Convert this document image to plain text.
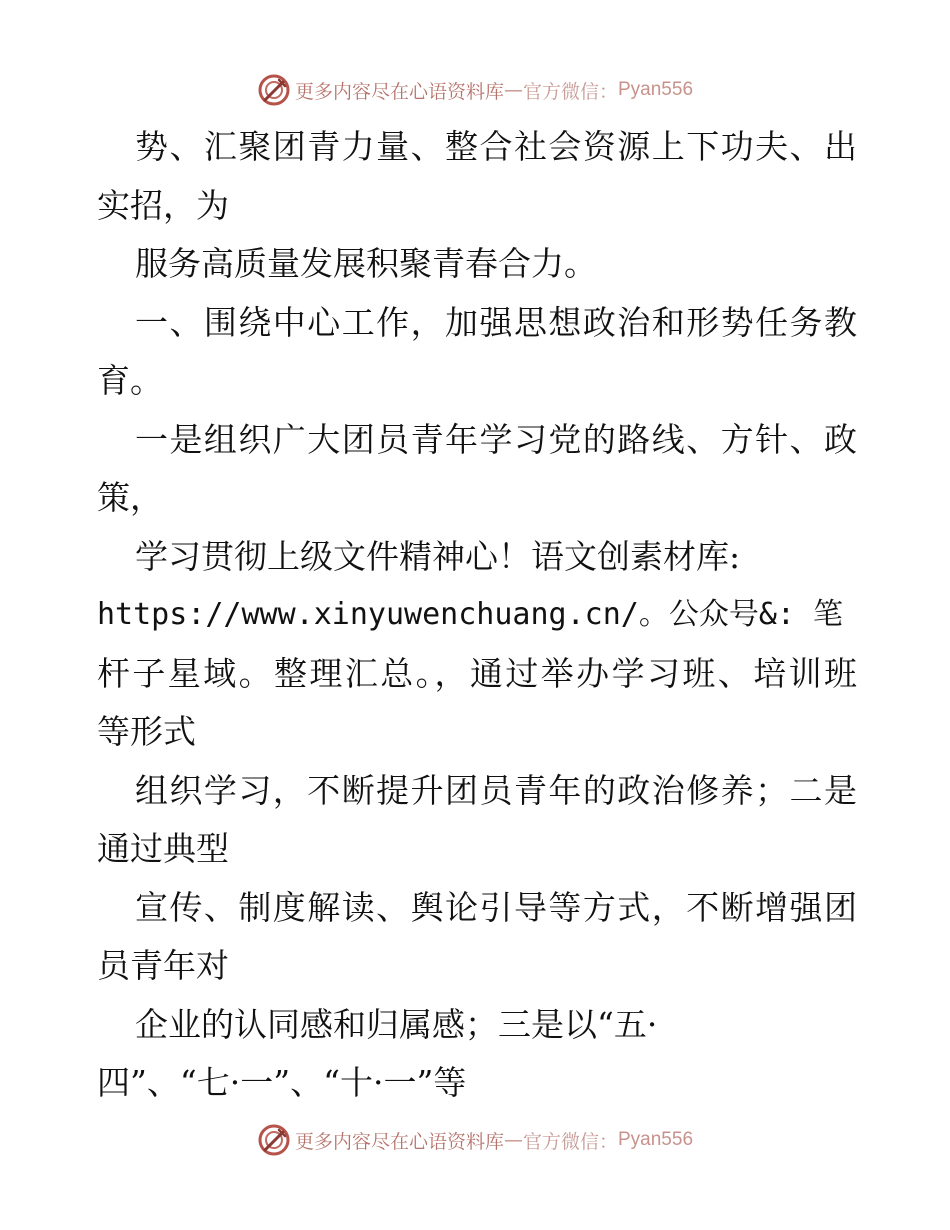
更多内容尽在心语资料库 — 官方微信： Pyan556
势、汇聚团青力量、整合社会资源上下功夫、出
实招，为
服务高质量发展积聚青春合力。
一、围绕中心工作，加强思想政治和形势任务教
育。
一是组织广大团员青年学习党的路线、方针、政
策，
学习贯彻上级文件精神心！语文创素材库:
https://www.xinyuwenchuang.cn/。公众号&: 笔
杆子星域。整理汇总。，通过举办学习班、培训班
等形式
组织学习，不断提升团员青年的政治修养；二是
通过典型
宣传、制度解读、舆论引导等方式，不断增强团
员青年对
企业的认同感和归属感；三是以“五·
四”、“七·一”、“十·一”等
更多内容尽在心语资料库 — 官方微信： Pyan556
